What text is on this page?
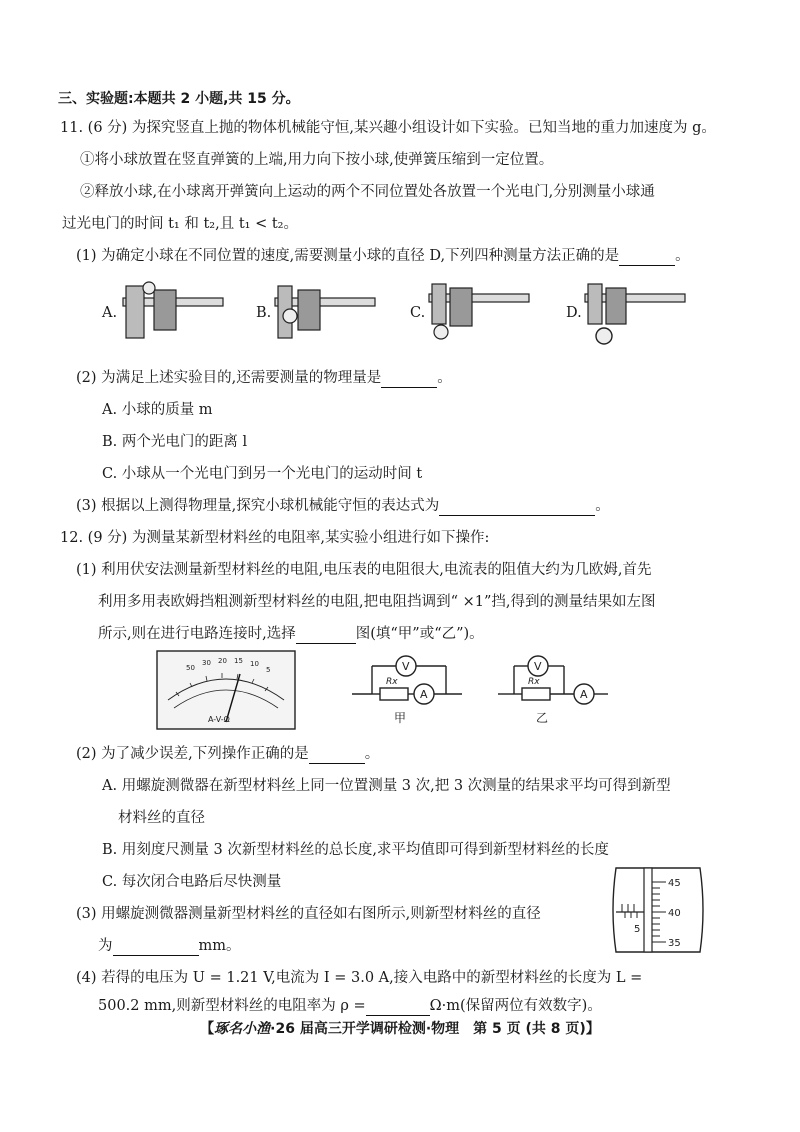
三、实验题:本题共 2 小题,共 15 分。
11. (6 分) 为探究竖直上抛的物体机械能守恒,某兴趣小组设计如下实验。已知当地的重力加速度为 g。
①将小球放置在竖直弹簧的上端,用力向下按小球,使弹簧压缩到一定位置。
②释放小球,在小球离开弹簧向上运动的两个不同位置处各放置一个光电门,分别测量小球通
过光电门的时间 t₁ 和 t₂,且 t₁ < t₂。
(1) 为确定小球在不同位置的速度,需要测量小球的直径 D,下列四种测量方法正确的是	。
A.	B.	C.	D.
(2) 为满足上述实验目的,还需要测量的物理量是	。
A. 小球的质量 m
B. 两个光电门的距离 l
C. 小球从一个光电门到另一个光电门的运动时间 t
(3) 根据以上测得物理量,探究小球机械能守恒的表达式为	。
12. (9 分) 为测量某新型材料丝的电阻率,某实验小组进行如下操作:
(1) 利用伏安法测量新型材料丝的电阻,电压表的电阻很大,电流表的阻值大约为几欧姆,首先
利用多用表欧姆挡粗测新型材料丝的电阻,把电阻挡调到“ ×1”挡,得到的测量结果如左图
所示,则在进行电路连接时,选择	图(填“甲”或“乙”)。
50
30 20 15 10
5
A-V-Ω
V
Rx
A
甲
V
Rx
A
乙
(2) 为了减少误差,下列操作正确的是	。
A. 用螺旋测微器在新型材料丝上同一位置测量 3 次,把 3 次测量的结果求平均可得到新型
材料丝的直径
B. 用刻度尺测量 3 次新型材料丝的总长度,求平均值即可得到新型材料丝的长度
C. 每次闭合电路后尽快测量	45
40
35
5
(3) 用螺旋测微器测量新型材料丝的直径如右图所示,则新型材料丝的直径
为	mm。
(4) 若得的电压为 U = 1.21 V,电流为 I = 3.0 A,接入电路中的新型材料丝的长度为 L =
500.2 mm,则新型材料丝的电阻率为 ρ =	Ω·m(保留两位有效数字)。
【琢名小渔·26 届高三开学调研检测·物理　第 5 页 (共 8 页)】
